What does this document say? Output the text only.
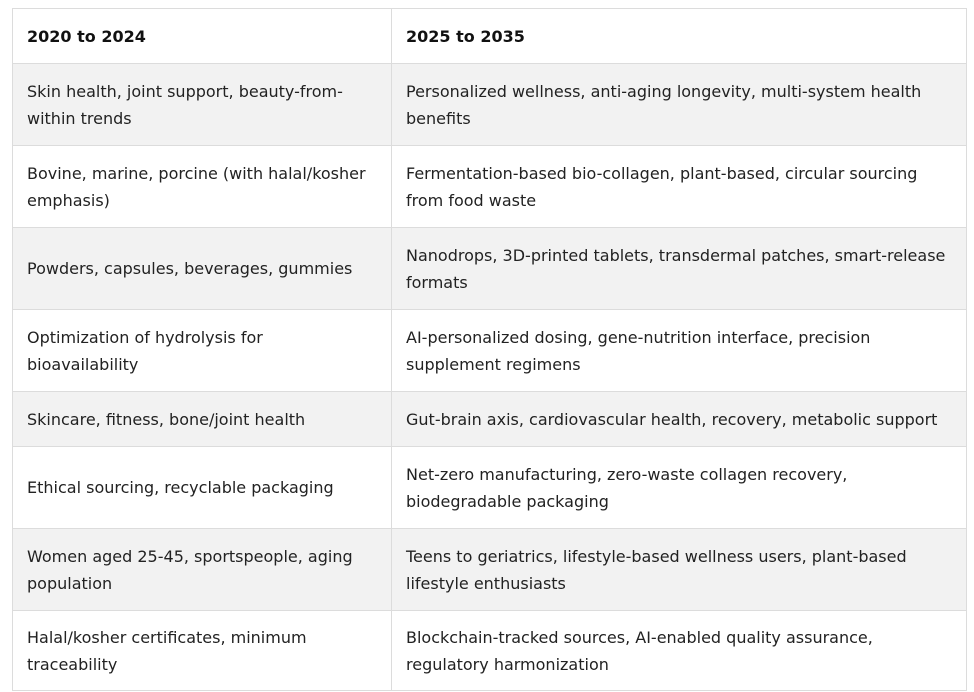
2020 to 2024	2025 to 2035
Skin health, joint support, beauty-from-within trends	Personalized wellness, anti-aging longevity, multi-system health benefits
Bovine, marine, porcine (with halal/kosher emphasis)	Fermentation-based bio-collagen, plant-based, circular sourcing from food waste
Powders, capsules, beverages, gummies	Nanodrops, 3D-printed tablets, transdermal patches, smart-release formats
Optimization of hydrolysis for bioavailability	AI-personalized dosing, gene-nutrition interface, precision supplement regimens
Skincare, fitness, bone/joint health	Gut-brain axis, cardiovascular health, recovery, metabolic support
Ethical sourcing, recyclable packaging	Net-zero manufacturing, zero-waste collagen recovery, biodegradable packaging
Women aged 25-45, sportspeople, aging population	Teens to geriatrics, lifestyle-based wellness users, plant-based lifestyle enthusiasts
Halal/kosher certificates, minimum traceability	Blockchain-tracked sources, AI-enabled quality assurance, regulatory harmonization
